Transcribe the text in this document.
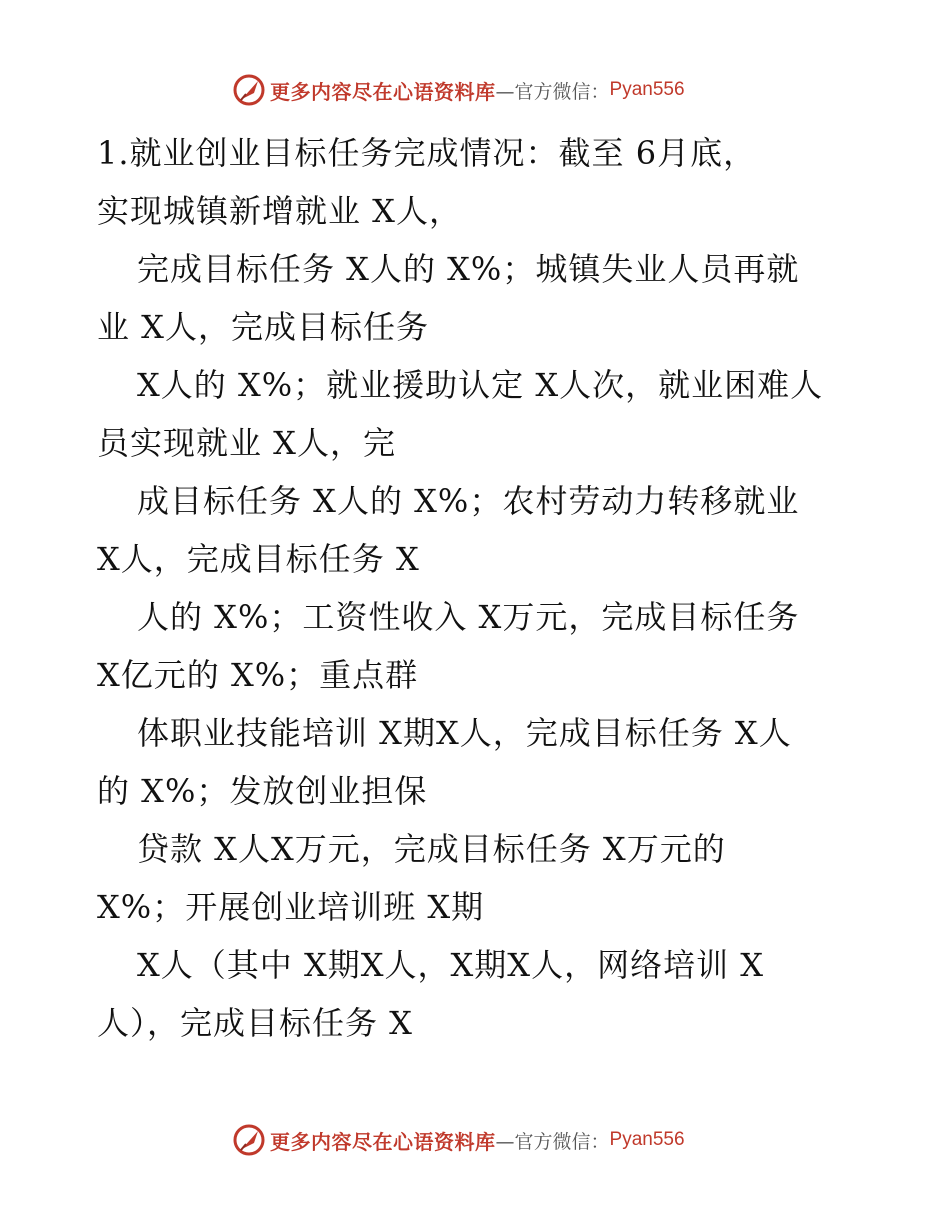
更多内容尽在心语资料库 —官方微信： Pyan556
1.就业创业目标任务完成情况：截至 6月底，
实现城镇新增就业 X人，
完成目标任务 X人的 X%；城镇失业人员再就
业 X人，完成目标任务
X人的 X%；就业援助认定 X人次，就业困难人
员实现就业 X人，完
成目标任务 X人的 X%；农村劳动力转移就业
X人，完成目标任务 X
人的 X%；工资性收入 X万元，完成目标任务
X亿元的 X%；重点群
体职业技能培训 X期X人，完成目标任务 X人
的 X%；发放创业担保
贷款 X人X万元，完成目标任务 X万元的
X%；开展创业培训班 X期
X人（其中 X期X人，X期X人，网络培训 X
人），完成目标任务 X
更多内容尽在心语资料库 —官方微信： Pyan556
